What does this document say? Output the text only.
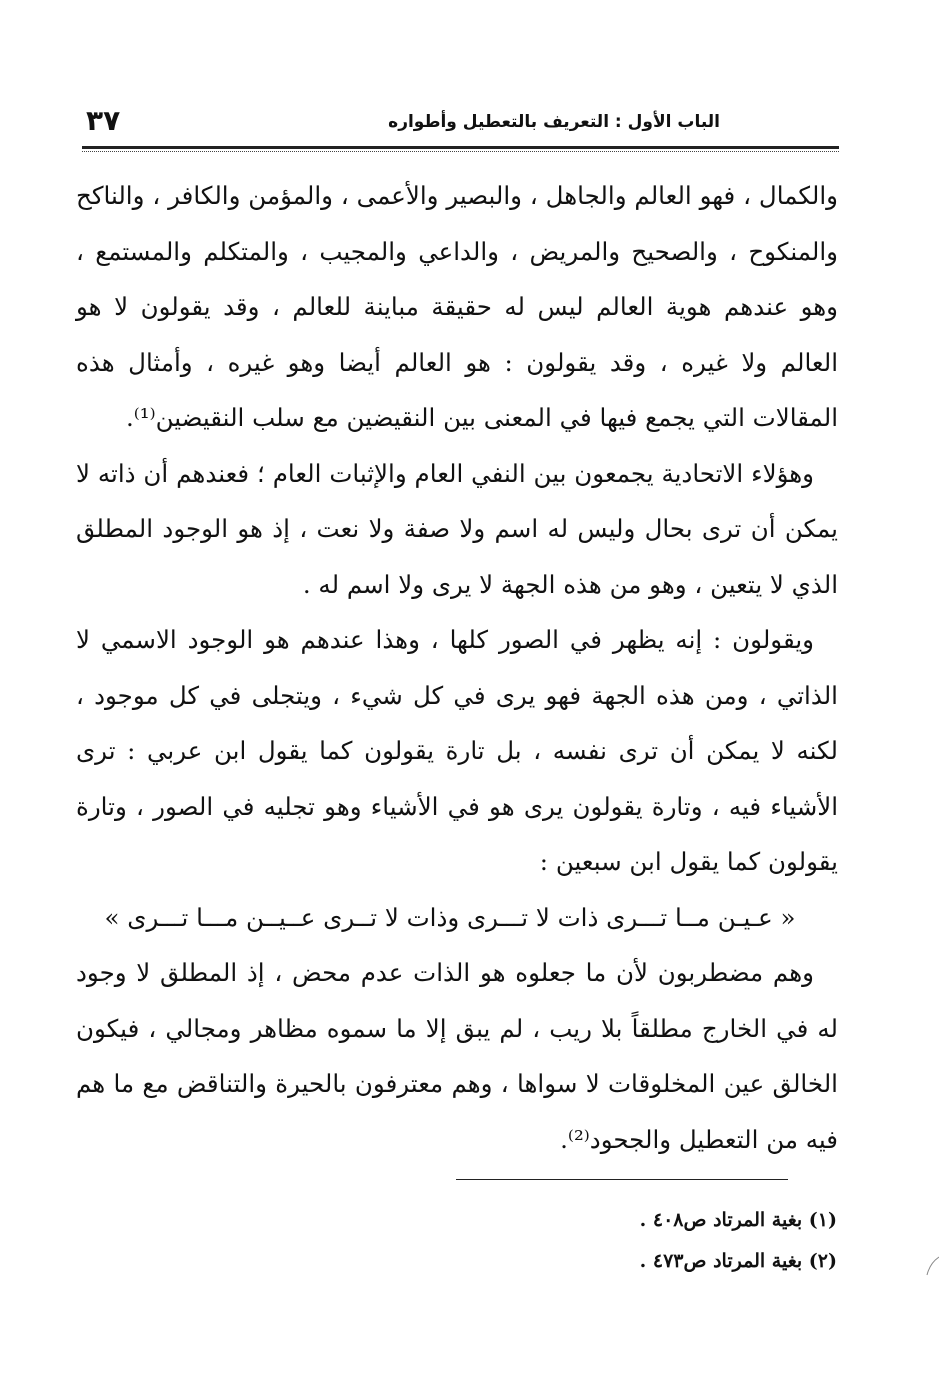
الباب الأول : التعريف بالتعطيل وأطواره
٣٧

والكمال ، فهو العالم والجاهل ، والبصير والأعمى ، والمؤمن والكافر ، والناكح والمنكوح ، والصحيح والمريض ، والداعي والمجيب ، والمتكلم والمستمع ، وهو عندهم هوية العالم ليس له حقيقة مباينة للعالم ، وقد يقولون لا هو العالم ولا غيره ، وقد يقولون : هو العالم أيضا وهو غيره ، وأمثال هذه المقالات التي يجمع فيها في المعنى بين النقيضين مع سلب النقيضين⁽¹⁾.

وهؤلاء الاتحادية يجمعون بين النفي العام والإثبات العام ؛ فعندهم أن ذاته لا يمكن أن ترى بحال وليس له اسم ولا صفة ولا نعت ، إذ هو الوجود المطلق الذي لا يتعين ، وهو من هذه الجهة لا يرى ولا اسم له .

ويقولون : إنه يظهر في الصور كلها ، وهذا عندهم هو الوجود الاسمي لا الذاتي ، ومن هذه الجهة فهو يرى في كل شيء ، ويتجلى في كل موجود ، لكنه لا يمكن أن ترى نفسه ، بل تارة يقولون كما يقول ابن عربي : ترى الأشياء فيه ، وتارة يقولون يرى هو في الأشياء وهو تجليه في الصور ، وتارة يقولون كما يقول ابن سبعين :

« عـيـن مــا تـــرى ذات لا تـــرى وذات لا تــرى عــيــن مـــا تـــرى »

وهم مضطربون لأن ما جعلوه هو الذات عدم محض ، إذ المطلق لا وجود له في الخارج مطلقاً بلا ريب ، لم يبق إلا ما سموه مظاهر ومجالي ، فيكون الخالق عين المخلوقات لا سواها ، وهم معترفون بالحيرة والتناقض مع ما هم فيه من التعطيل والجحود⁽²⁾.

(١) بغية المرتاد ص٤٠٨ .
(٢) بغية المرتاد ص٤٧٣ .
